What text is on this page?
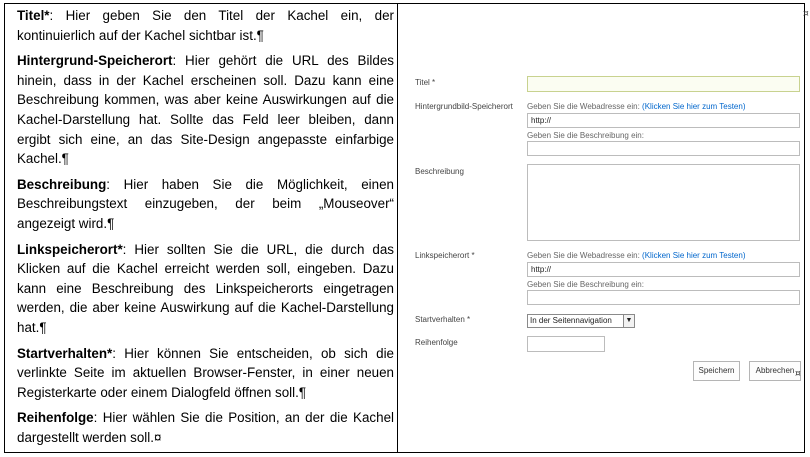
Titel*: Hier geben Sie den Titel der Kachel ein, der kontinuierlich auf der Kachel sichtbar ist.¶

Hintergrund-Speicherort: Hier gehört die URL des Bildes hinein, dass in der Kachel erscheinen soll. Dazu kann eine Beschreibung kommen, was aber keine Auswirkungen auf die Kachel-Darstellung hat. Sollte das Feld leer bleiben, dann ergibt sich eine, an das Site-Design angepasste einfarbige Kachel.¶

Beschreibung: Hier haben Sie die Möglichkeit, einen Beschreibungstext einzugeben, der beim „Mouseover“ angezeigt wird.¶

Linkspeicherort*: Hier sollten Sie die URL, die durch das Klicken auf die Kachel erreicht werden soll, eingeben. Dazu kann eine Beschreibung des Linkspeicherorts eingetragen werden, die aber keine Auswirkung auf die Kachel-Darstellung hat.¶

Startverhalten*: Hier können Sie entscheiden, ob sich die verlinkte Seite im aktuellen Browser-Fenster, in einer neuen Registerkarte oder einem Dialogfeld öffnen soll.¶

Reihenfolge: Hier wählen Sie die Position, an der die Kachel dargestellt werden soll.¤

Titel *
Hintergrundbild-Speicherort Geben Sie die Webadresse ein: (Klicken Sie hier zum Testen)
http://
Geben Sie die Beschreibung ein:
Beschreibung
Linkspeicherort *	Geben Sie die Webadresse ein: (Klicken Sie hier zum Testen)
http://
Geben Sie die Beschreibung ein:
Startverhalten *	In der Seitennavigation	▼
Reihenfolge
Speichern	Abbrechen
¤
¤
